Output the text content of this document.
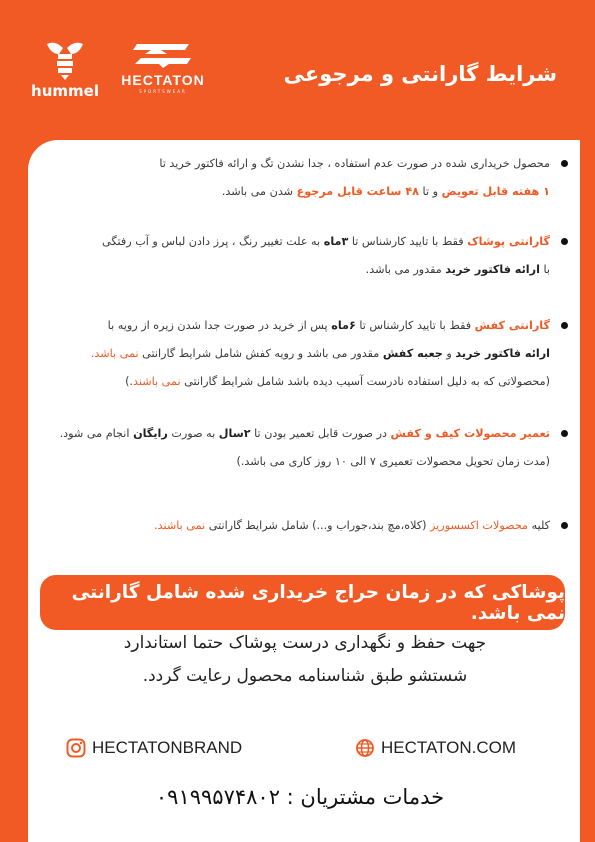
hummel
HECTATON
SPORTSWEAR
شرایط گارانتی و مرجوعی
محصول خریداری شده در صورت عدم استفاده ، جدا نشدن تگ و ارائه فاکتور خرید تا
۱ هفته قابل تعویض و تا ۴۸ ساعت قابل مرجوع شدن می باشد.
گارانتی پوشاک فقط با تایید کارشناس تا ۳ماه به علت تغییر رنگ ، پرز دادن لباس و آب رفتگی
با ارائه فاکتور خرید مقدور می باشد.
گارانتی کفش فقط با تایید کارشناس تا ۶ماه پس از خرید در صورت جدا شدن زیره از رویه با
ارائه فاکتور خرید و جعبه کفش مقدور می باشد و رویه کفش شامل شرایط گارانتی نمی باشد.
(محصولاتی که به دلیل استفاده نادرست آسیب دیده باشد شامل شرایط گارانتی نمی باشند.)
تعمیر محصولات کیف و کفش در صورت قابل تعمیر بودن تا ۲سال به صورت رایگان انجام می شود.
(مدت زمان تحویل محصولات تعمیری ۷ الی ۱۰ روز کاری می باشد.)
کلیه محصولات اکسسوریز (کلاه،مچ بند،جوراب و...) شامل شرایط گارانتی نمی باشند.
پوشاکی که در زمان حراج خریداری شده شامل گارانتی نمی باشد.
جهت حفظ و نگهداری درست پوشاک حتما استاندارد
شستشو طبق شناسنامه محصول رعایت گردد.
HECTATONBRAND	HECTATON.COM
خدمات مشتریان : ۰۹۱۹۹۵۷۴۸۰۲
